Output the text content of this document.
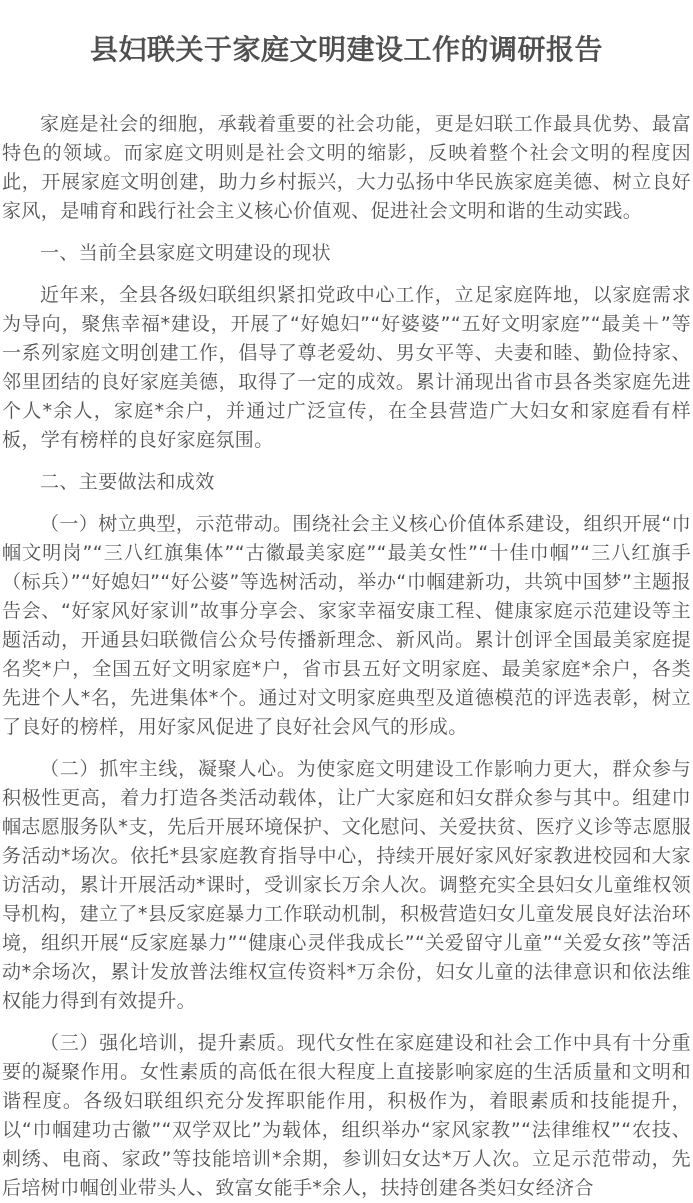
县妇联关于家庭文明建设工作的调研报告

家庭是社会的细胞，承载着重要的社会功能，更是妇联工作最具优势、最富特色的领域。而家庭文明则是社会文明的缩影，反映着整个社会文明的程度因此，开展家庭文明创建，助力乡村振兴，大力弘扬中华民族家庭美德、树立良好家风，是哺育和践行社会主义核心价值观、促进社会文明和谐的生动实践。

一、当前全县家庭文明建设的现状

近年来，全县各级妇联组织紧扣党政中心工作，立足家庭阵地，以家庭需求为导向，聚焦幸福*建设，开展了“好媳妇”“好婆婆”“五好文明家庭”“最美＋”等一系列家庭文明创建工作，倡导了尊老爱幼、男女平等、夫妻和睦、勤俭持家、邻里团结的良好家庭美德，取得了一定的成效。累计涌现出省市县各类家庭先进个人*余人，家庭*余户，并通过广泛宣传，在全县营造广大妇女和家庭看有样板，学有榜样的良好家庭氛围。

二、主要做法和成效

（一）树立典型，示范带动。围绕社会主义核心价值体系建设，组织开展“巾帼文明岗”“三八红旗集体”“古徽最美家庭”“最美女性”“十佳巾帼”“三八红旗手（标兵）”“好媳妇”“好公婆”等选树活动，举办“巾帼建新功，共筑中国梦”主题报告会、“好家风好家训”故事分享会、家家幸福安康工程、健康家庭示范建设等主题活动，开通县妇联微信公众号传播新理念、新风尚。累计创评全国最美家庭提名奖*户，全国五好文明家庭*户，省市县五好文明家庭、最美家庭*余户，各类先进个人*名，先进集体*个。通过对文明家庭典型及道德模范的评选表彰，树立了良好的榜样，用好家风促进了良好社会风气的形成。

（二）抓牢主线，凝聚人心。为使家庭文明建设工作影响力更大，群众参与积极性更高，着力打造各类活动载体，让广大家庭和妇女群众参与其中。组建巾帼志愿服务队*支，先后开展环境保护、文化慰问、关爱扶贫、医疗义诊等志愿服务活动*场次。依托*县家庭教育指导中心，持续开展好家风好家教进校园和大家访活动，累计开展活动*课时，受训家长万余人次。调整充实全县妇女儿童维权领导机构，建立了*县反家庭暴力工作联动机制，积极营造妇女儿童发展良好法治环境，组织开展“反家庭暴力”“健康心灵伴我成长”“关爱留守儿童”“关爱女孩”等活动*余场次，累计发放普法维权宣传资料*万余份，妇女儿童的法律意识和依法维权能力得到有效提升。

（三）强化培训，提升素质。现代女性在家庭建设和社会工作中具有十分重要的凝聚作用。女性素质的高低在很大程度上直接影响家庭的生活质量和文明和谐程度。各级妇联组织充分发挥职能作用，积极作为，着眼素质和技能提升，以“巾帼建功古徽”“双学双比”为载体，组织举办“家风家教”“法律维权”“农技、刺绣、电商、家政”等技能培训*余期，参训妇女达*万人次。立足示范带动，先后培树巾帼创业带头人、致富女能手*余人，扶持创建各类妇女经济合
